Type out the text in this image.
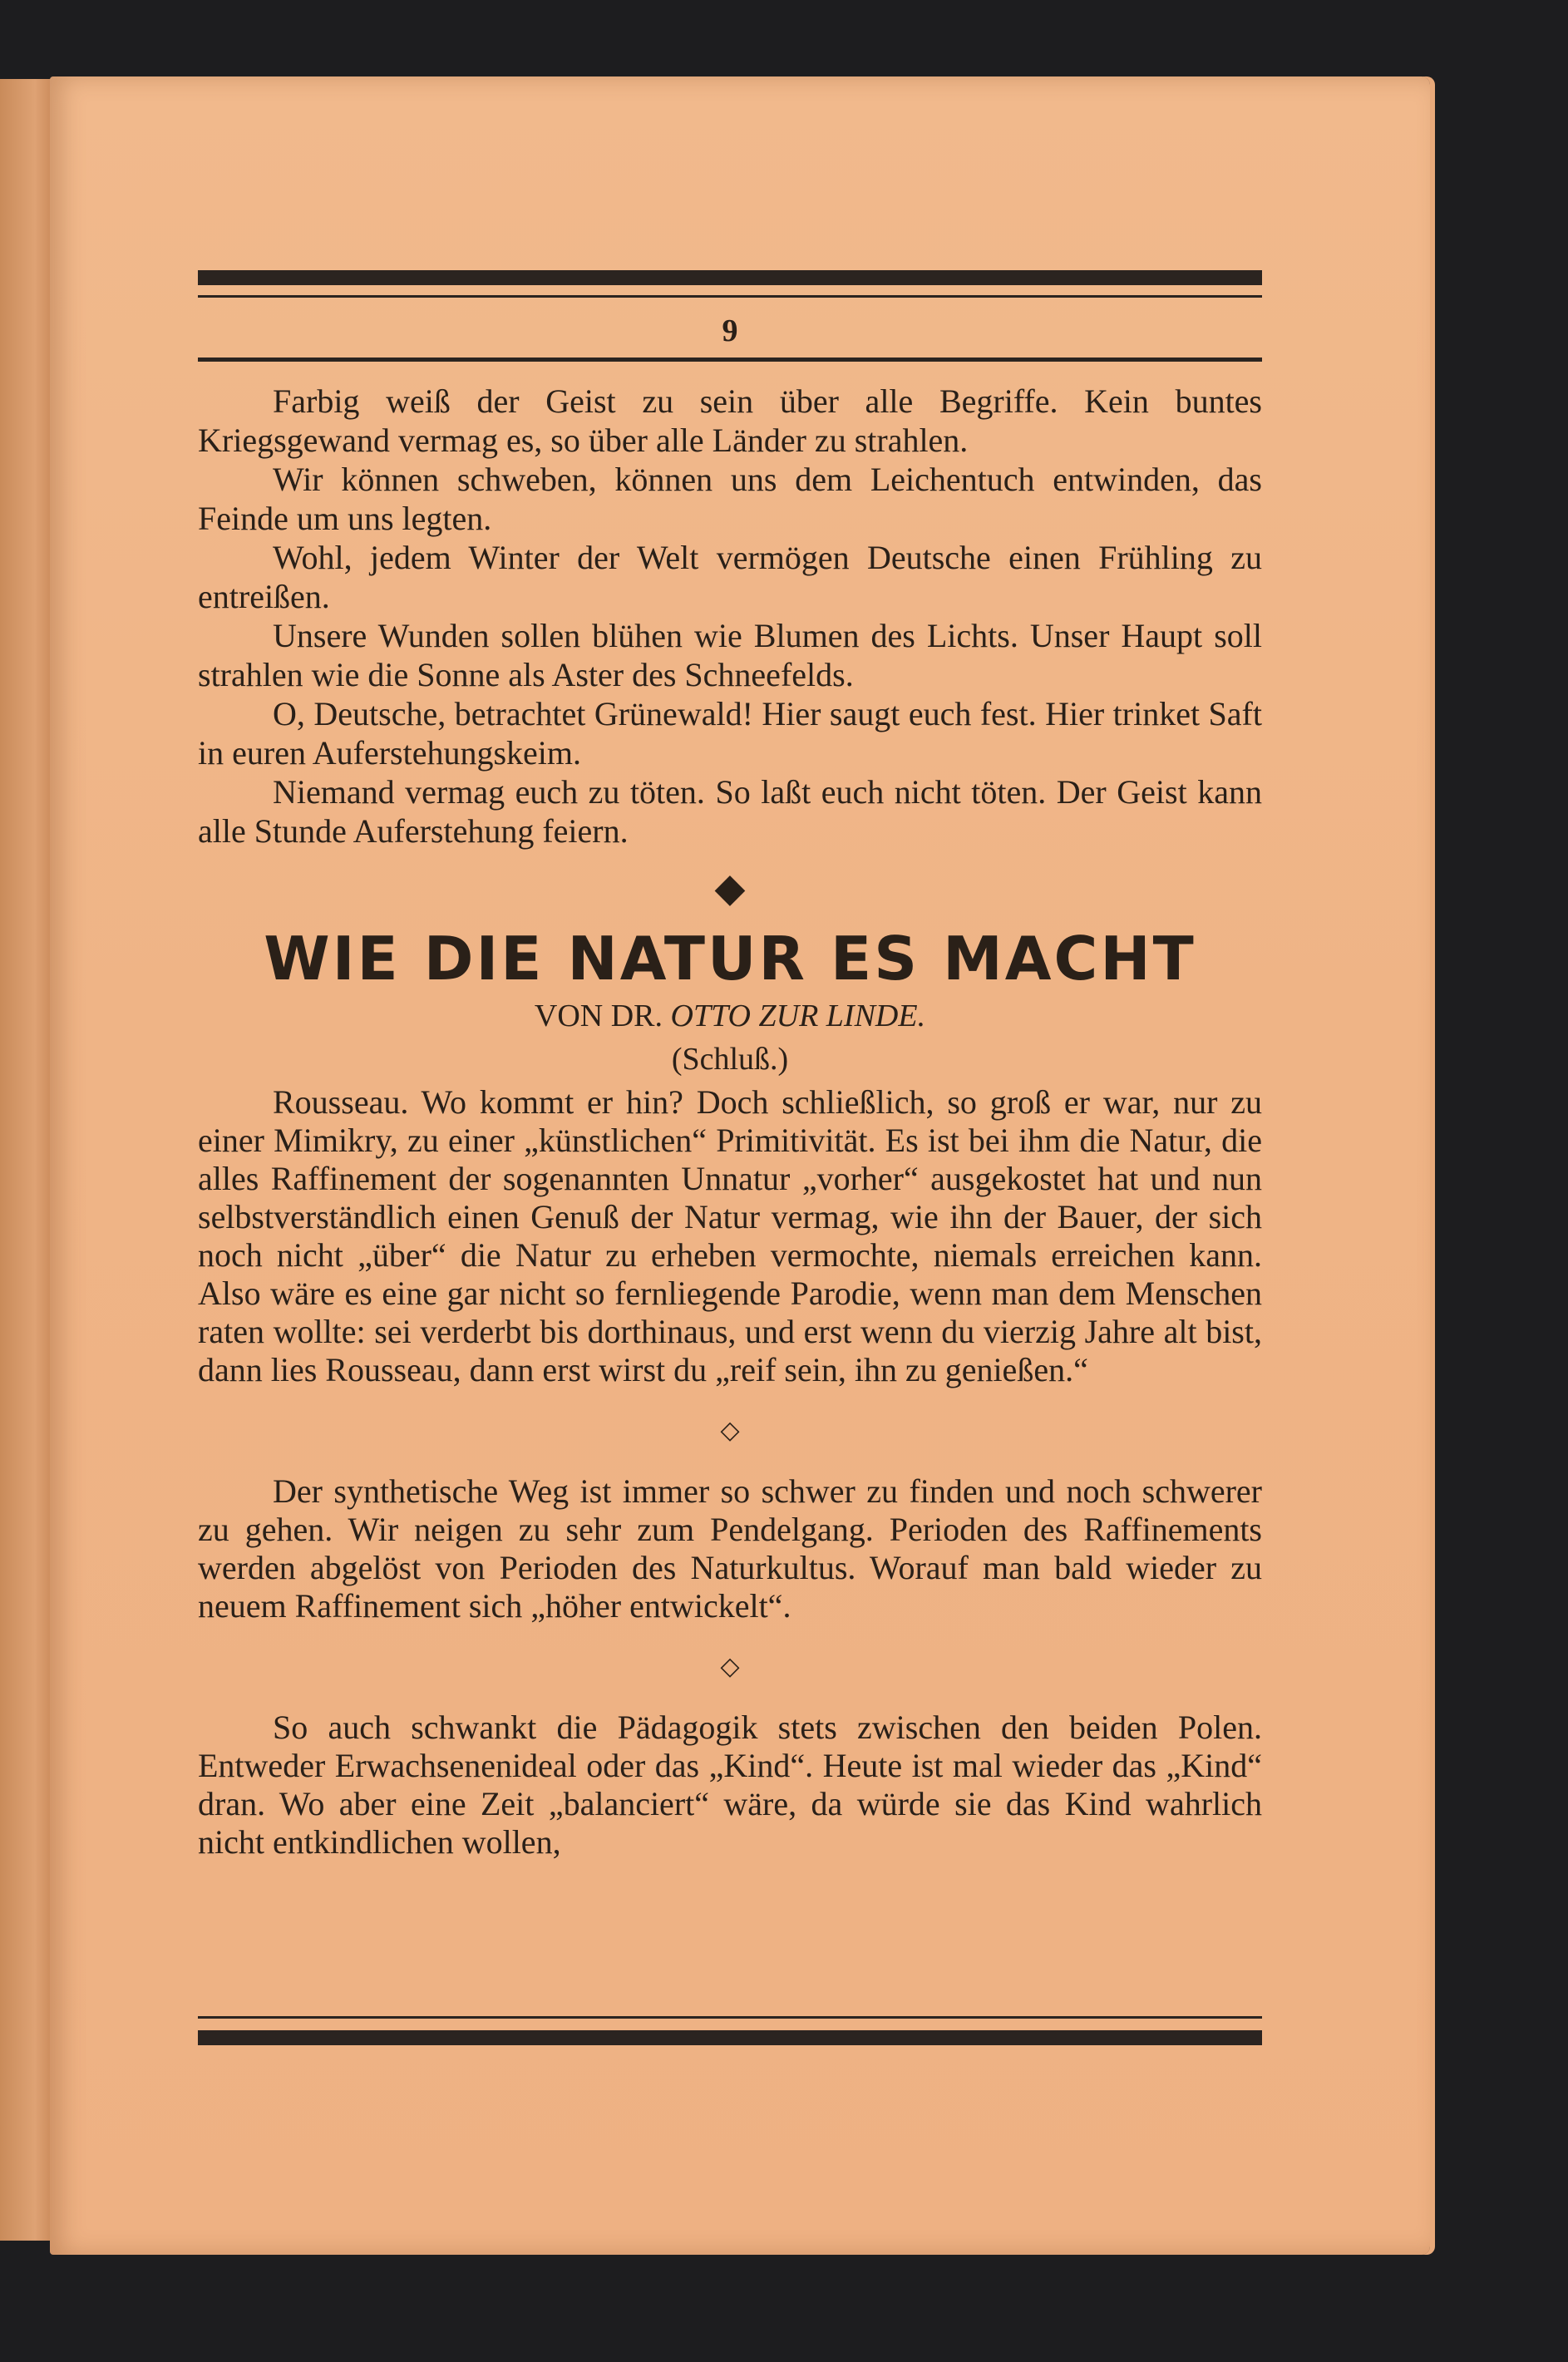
9

Farbig weiß der Geist zu sein über alle Begriffe. Kein buntes Kriegsgewand vermag es, so über alle Länder zu strahlen.

Wir können schweben, können uns dem Leichentuch entwinden, das Feinde um uns legten.

Wohl, jedem Winter der Welt vermögen Deutsche einen Frühling zu entreißen.

Unsere Wunden sollen blühen wie Blumen des Lichts. Unser Haupt soll strahlen wie die Sonne als Aster des Schneefelds.

O, Deutsche, betrachtet Grünewald! Hier saugt euch fest. Hier trinket Saft in euren Auferstehungskeim.

Niemand vermag euch zu töten. So laßt euch nicht töten. Der Geist kann alle Stunde Auferstehung feiern.

◆
WIE DIE NATUR ES MACHT

VON DR. OTTO ZUR LINDE.

(Schluß.)

Rousseau. Wo kommt er hin? Doch schließlich, so groß er war, nur zu einer Mimikry, zu einer „künstlichen“ Primitivität. Es ist bei ihm die Natur, die alles Raffinement der sogenannten Unnatur „vorher“ ausgekostet hat und nun selbstverständlich einen Genuß der Natur vermag, wie ihn der Bauer, der sich noch nicht „über“ die Natur zu erheben vermochte, niemals erreichen kann. Also wäre es eine gar nicht so fernliegende Parodie, wenn man dem Menschen raten wollte: sei verderbt bis dorthinaus, und erst wenn du vierzig Jahre alt bist, dann lies Rousseau, dann erst wirst du „reif sein, ihn zu genießen.“

◇

Der synthetische Weg ist immer so schwer zu finden und noch schwerer zu gehen. Wir neigen zu sehr zum Pendelgang. Perioden des Raffinements werden abgelöst von Perioden des Naturkultus. Worauf man bald wieder zu neuem Raffinement sich „höher entwickelt“.

◇

So auch schwankt die Pädagogik stets zwischen den beiden Polen. Entweder Erwachsenenideal oder das „Kind“. Heute ist mal wieder das „Kind“ dran. Wo aber eine Zeit „balanciert“ wäre, da würde sie das Kind wahrlich nicht entkindlichen wollen,
